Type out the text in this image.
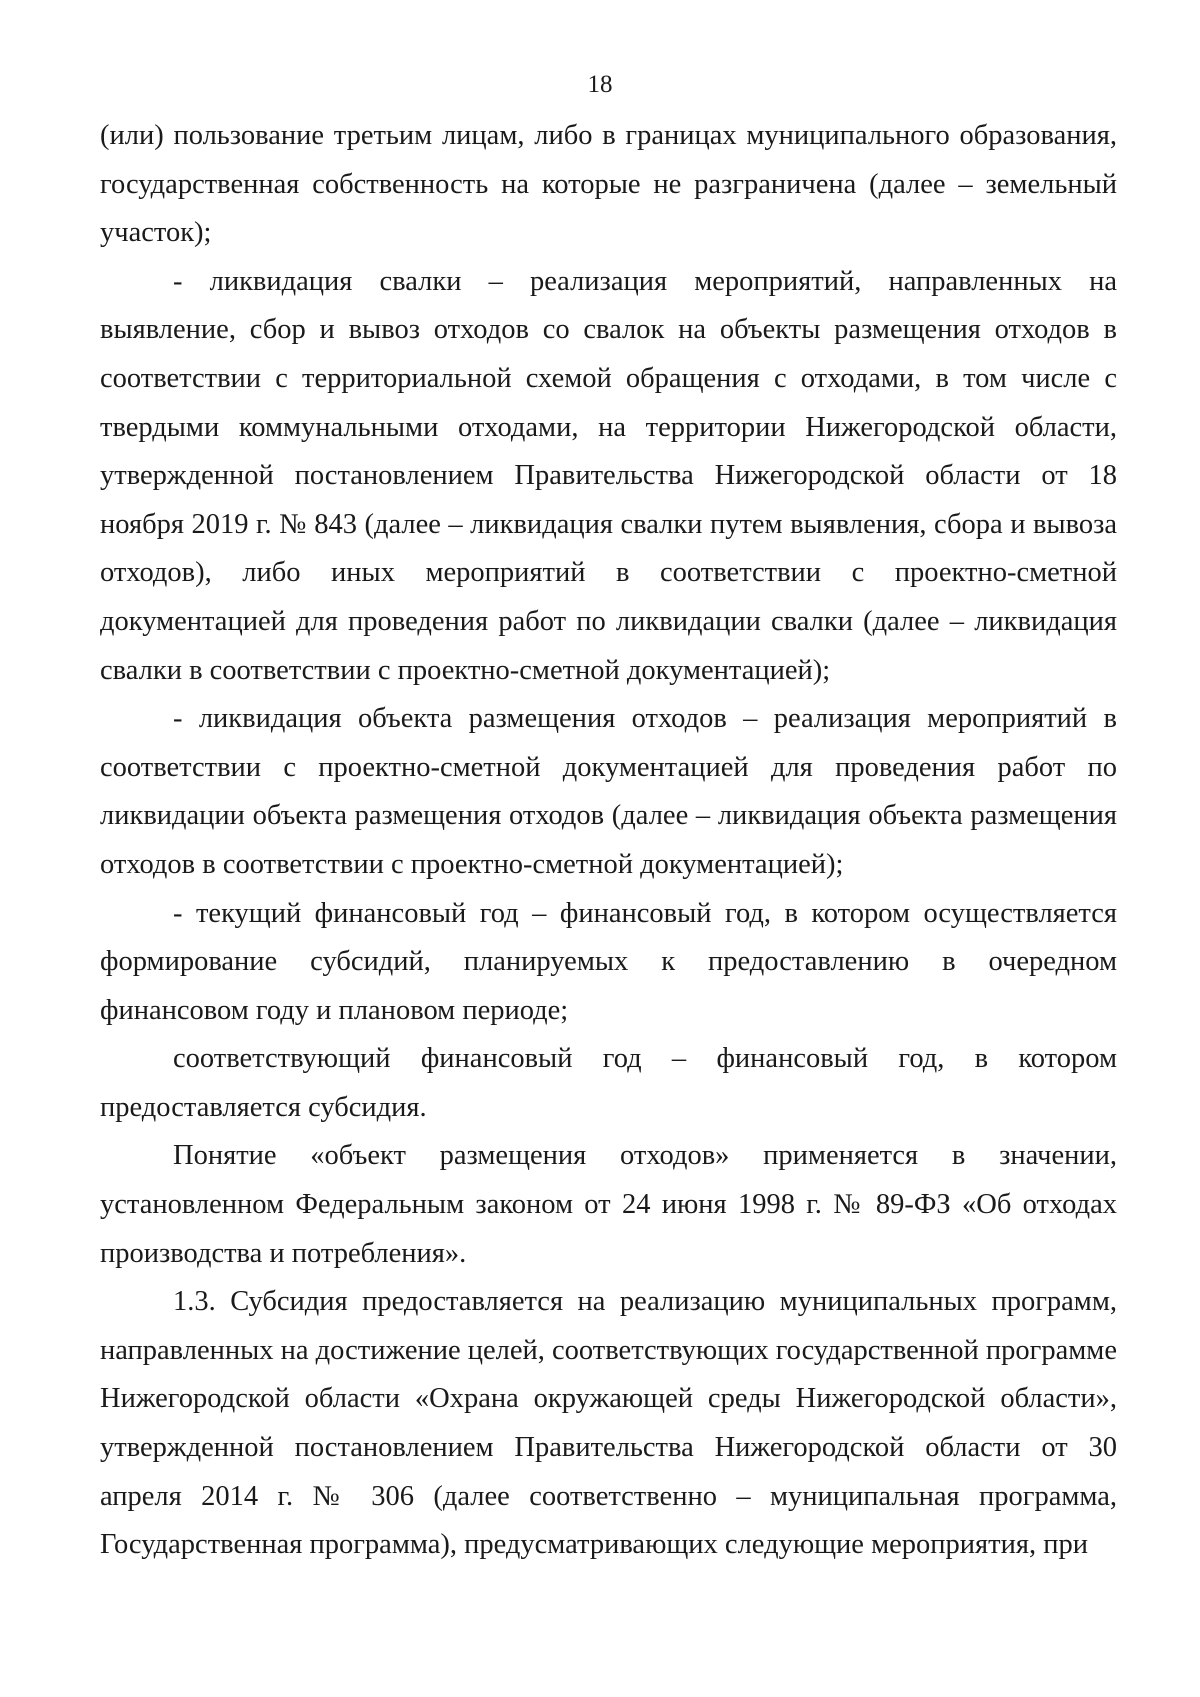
18

(или) пользование третьим лицам, либо в границах муниципального образования, государственная собственность на которые не разграничена (далее – земельный участок);

- ликвидация свалки – реализация мероприятий, направленных на выявление, сбор и вывоз отходов со свалок на объекты размещения отходов в соответствии с территориальной схемой обращения с отходами, в том числе с твердыми коммунальными отходами, на территории Нижегородской области, утвержденной постановлением Правительства Нижегородской области от 18 ноября 2019 г. № 843 (далее – ликвидация свалки путем выявления, сбора и вывоза отходов), либо иных мероприятий в соответствии с проектно-сметной документацией для проведения работ по ликвидации свалки (далее – ликвидация свалки в соответствии с проектно-сметной документацией);

- ликвидация объекта размещения отходов – реализация мероприятий в соответствии с проектно-сметной документацией для проведения работ по ликвидации объекта размещения отходов (далее – ликвидация объекта размещения отходов в соответствии с проектно-сметной документацией);

- текущий финансовый год – финансовый год, в котором осуществляется формирование субсидий, планируемых к предоставлению в очередном финансовом году и плановом периоде;

соответствующий финансовый год – финансовый год, в котором предоставляется субсидия.

Понятие «объект размещения отходов» применяется в значении, установленном Федеральным законом от 24 июня 1998 г. № 89-ФЗ «Об отходах производства и потребления».

1.3. Субсидия предоставляется на реализацию муниципальных программ, направленных на достижение целей, соответствующих государственной программе Нижегородской области «Охрана окружающей среды Нижегородской области», утвержденной постановлением Правительства Нижегородской области от 30 апреля 2014 г. № 306 (далее соответственно – муниципальная программа, Государственная программа), предусматривающих следующие мероприятия, при
